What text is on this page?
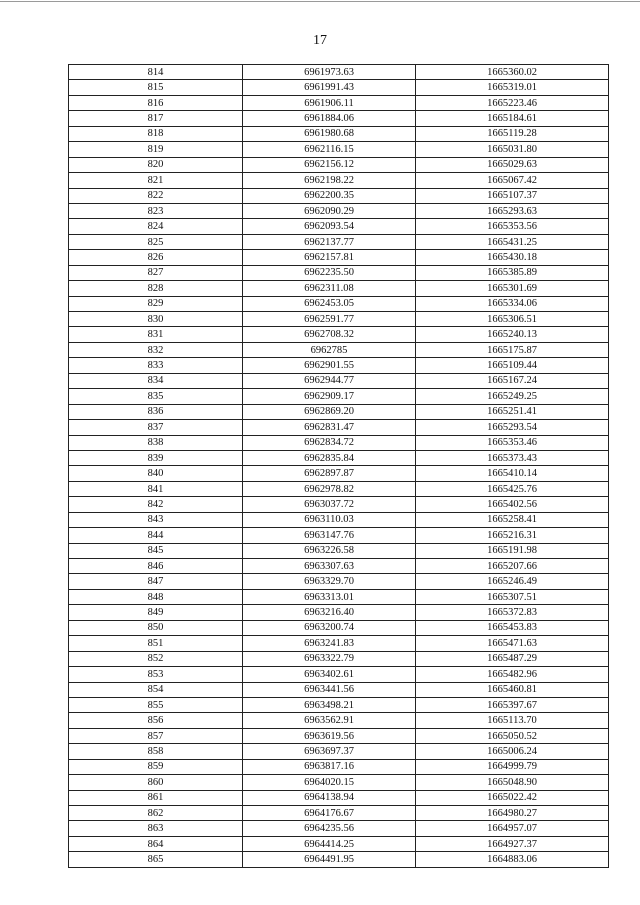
17
814	6961973.63	1665360.02
815	6961991.43	1665319.01
816	6961906.11	1665223.46
817	6961884.06	1665184.61
818	6961980.68	1665119.28
819	6962116.15	1665031.80
820	6962156.12	1665029.63
821	6962198.22	1665067.42
822	6962200.35	1665107.37
823	6962090.29	1665293.63
824	6962093.54	1665353.56
825	6962137.77	1665431.25
826	6962157.81	1665430.18
827	6962235.50	1665385.89
828	6962311.08	1665301.69
829	6962453.05	1665334.06
830	6962591.77	1665306.51
831	6962708.32	1665240.13
832	6962785	1665175.87
833	6962901.55	1665109.44
834	6962944.77	1665167.24
835	6962909.17	1665249.25
836	6962869.20	1665251.41
837	6962831.47	1665293.54
838	6962834.72	1665353.46
839	6962835.84	1665373.43
840	6962897.87	1665410.14
841	6962978.82	1665425.76
842	6963037.72	1665402.56
843	6963110.03	1665258.41
844	6963147.76	1665216.31
845	6963226.58	1665191.98
846	6963307.63	1665207.66
847	6963329.70	1665246.49
848	6963313.01	1665307.51
849	6963216.40	1665372.83
850	6963200.74	1665453.83
851	6963241.83	1665471.63
852	6963322.79	1665487.29
853	6963402.61	1665482.96
854	6963441.56	1665460.81
855	6963498.21	1665397.67
856	6963562.91	1665113.70
857	6963619.56	1665050.52
858	6963697.37	1665006.24
859	6963817.16	1664999.79
860	6964020.15	1665048.90
861	6964138.94	1665022.42
862	6964176.67	1664980.27
863	6964235.56	1664957.07
864	6964414.25	1664927.37
865	6964491.95	1664883.06
